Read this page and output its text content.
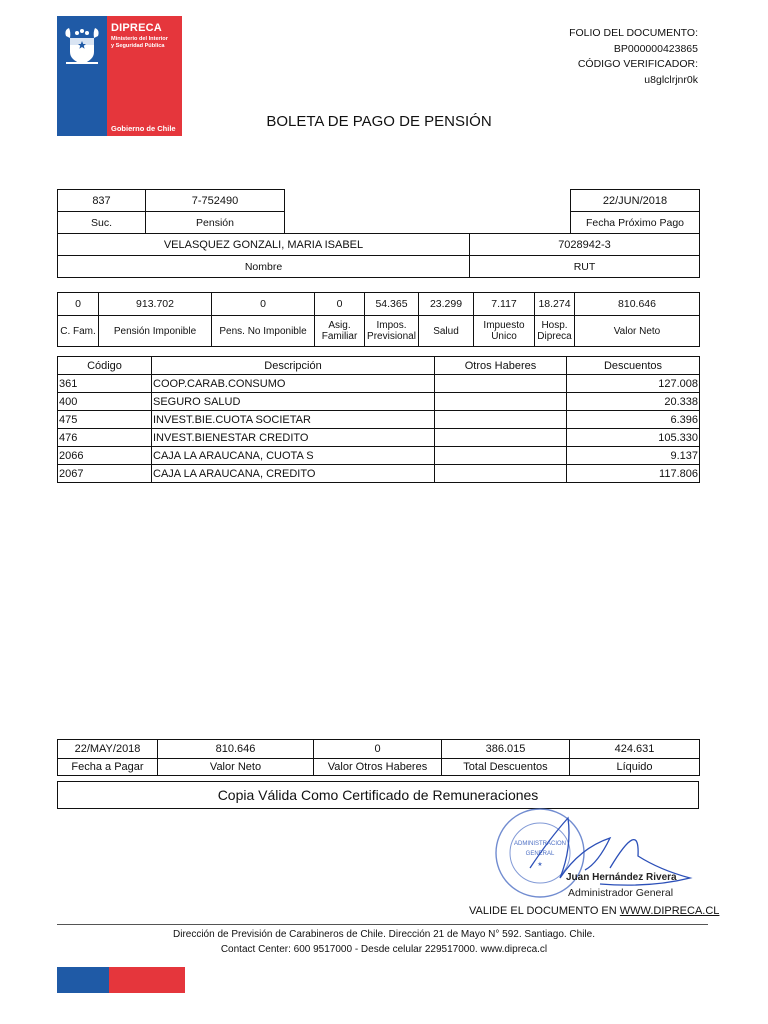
DIPRECA
Ministerio del Interior
y Seguridad Pública
Gobierno de Chile
FOLIO DEL DOCUMENTO:
BP000000423865
CÓDIGO VERIFICADOR:
u8glclrjnr0k
BOLETA DE PAGO DE PENSIÓN
837	7-752490			22/JUN/2018
Suc.	Pensión			Fecha Próximo Pago
VELASQUEZ GONZALI, MARIA ISABEL			7028942-3	
Nombre			RUT	
0	913.702	0	0	54.365	23.299	7.117	18.274	810.646
C. Fam.	Pensión Imponible	Pens. No Imponible	Asig. Familiar	Impos. Previsional	Salud	Impuesto Único	Hosp. Dipreca	Valor Neto
Código	Descripción	Otros Haberes	Descuentos
361	COOP.CARAB.CONSUMO		127.008
400	SEGURO SALUD		20.338
475	INVEST.BIE.CUOTA SOCIETAR		6.396
476	INVEST.BIENESTAR CREDITO		105.330
2066	CAJA LA ARAUCANA, CUOTA S		9.137
2067	CAJA LA ARAUCANA, CREDITO		117.806
22/MAY/2018	810.646	0	386.015	424.631
Fecha a Pagar	Valor Neto	Valor Otros Haberes	Total Descuentos	Líquido
Copia Válida Como Certificado de Remuneraciones
ADMINISTRACION
GENERAL
★
Juan Hernández Rivera
Administrador General
VALIDE EL DOCUMENTO EN WWW.DIPRECA.CL
Dirección de Previsión de Carabineros de Chile. Dirección 21 de Mayo N° 592. Santiago. Chile.
Contact Center: 600 9517000 - Desde celular 229517000. www.dipreca.cl
